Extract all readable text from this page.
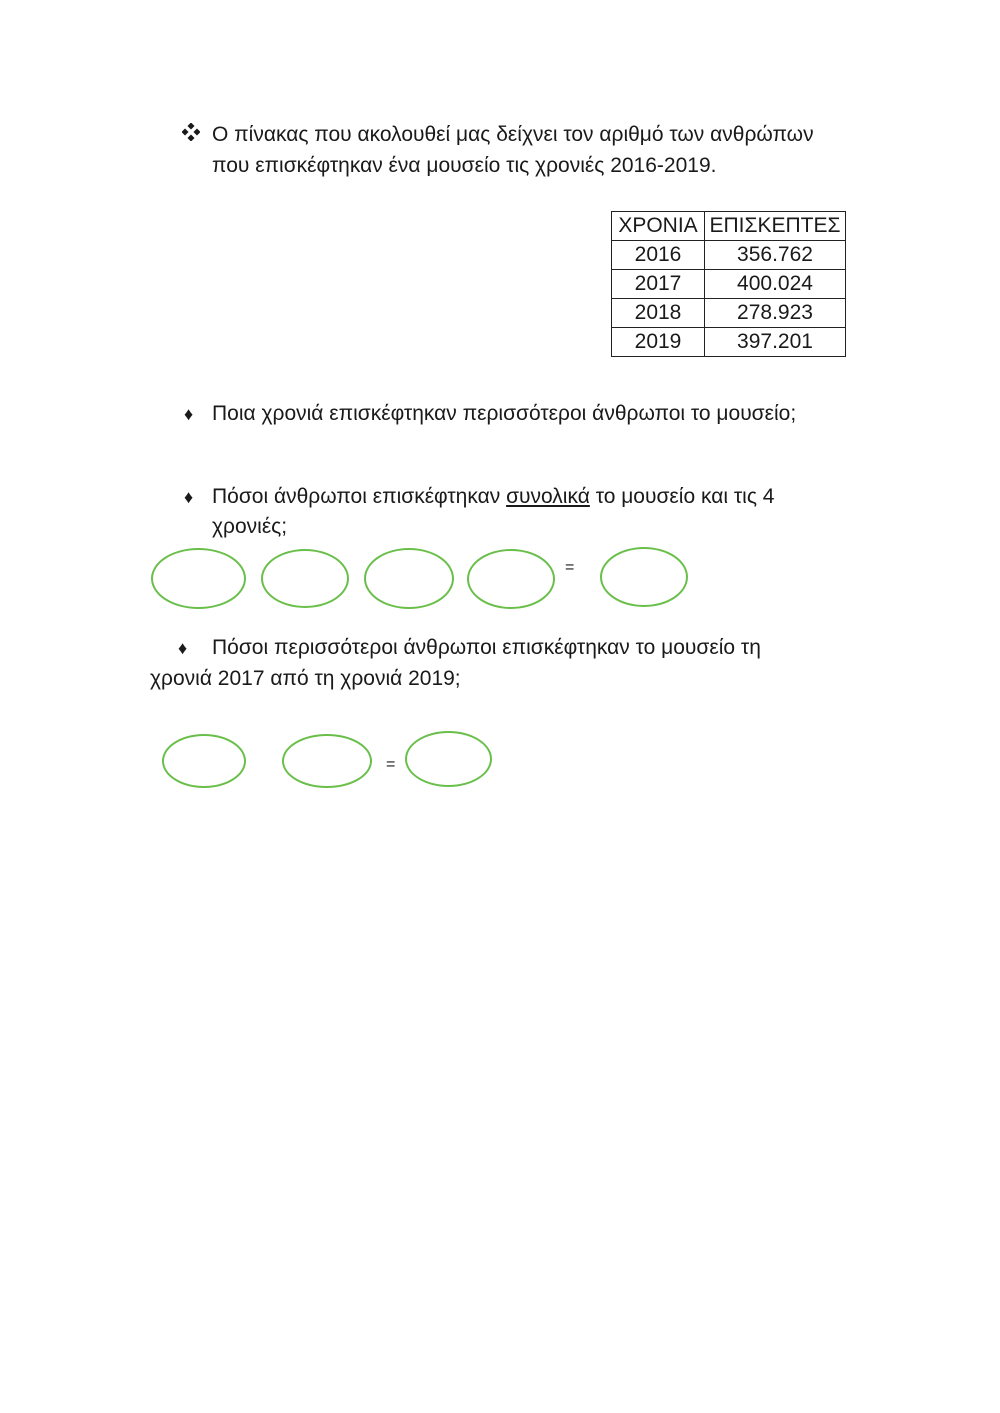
Ο πίνακας που ακολουθεί μας δείχνει τον αριθμό των ανθρώπων
που επισκέφτηκαν ένα μουσείο τις χρονιές 2016-2019.
ΧΡΟΝΙΑ	ΕΠΙΣΚΕΠΤΕΣ
2016	356.762
2017	400.024
2018	278.923
2019	397.201
♦ Ποια χρονιά επισκέφτηκαν περισσότεροι άνθρωποι το μουσείο;
♦ Πόσοι άνθρωποι επισκέφτηκαν συνολικά το μουσείο και τις 4
χρονιές;
=
♦ Πόσοι περισσότεροι άνθρωποι επισκέφτηκαν το μουσείο τη
χρονιά 2017 από τη χρονιά 2019;
=
